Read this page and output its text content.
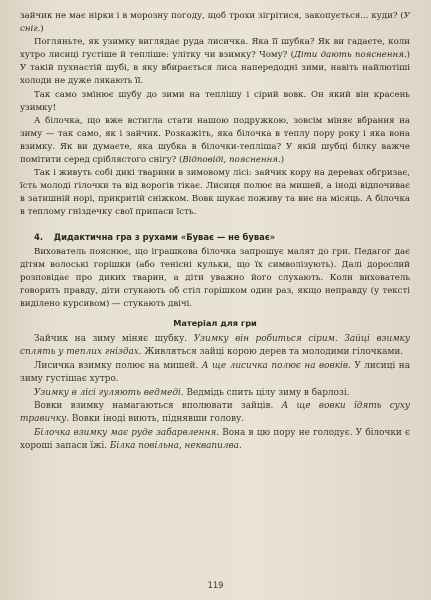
зайчик не має нірки і в морозну погоду, щоб трохи зігрітися, закопується... куди? (У сніг.)

Погляньте, як узимку виглядає руда лисичка. Яка її шубка? Як ви гадаєте, коли хутро лисиці густіше й тепліше: улітку чи взимку? Чому? (Діти дають пояснення.) У такій пухнастій шубі, в яку вбирається лиса напередодні зими, навіть найлютіші холоди не дуже лякають її.

Так само змінює шубу до зими на теплішу і сірий вовк. Он який він красень узимку!

А білочка, що вже встигла стати нашою подружкою, зовсім міняє вбрання на зиму — так само, як і зайчик. Розкажіть, яка білочка в теплу пору року і яка вона взимку. Як ви думаєте, яка шубка в білочки-тепліша? У якій шубці білку важче помітити серед сріблястого снігу? (Відповіді, пояснення.)

Так і живуть собі дикі тварини в зимовому лісі: зайчик кору на деревах обгризає, їсть молоді гілочки та від ворогів тікає. Лисиця полює на мишей, а іноді відпочиває в затишній норі, прикритій сніжком. Вовк шукає поживу та виє на місяць. А білочка в теплому гніздечку свої припаси їсть.

4. Дидактична гра з рухами «Буває — не буває»

Вихователь пояснює, що іграшкова білочка запрошує малят до гри. Педагог дає дітям волоські горішки (або тенісні кульки, що їх символізують). Далі дорослий розповідає про диких тварин, а діти уважно його слухають. Коли вихователь говорить правду, діти стукають об стіл горішком один раз, якщо неправду (у тексті виділено курсивом) — стукають двічі.

Матеріал для гри

Зайчик на зиму міняє шубку. Узимку він робиться сірим. Зайці взимку сплять у теплих гніздах. Живляться зайці корою дерев та молодими гілочками.

Лисичка взимку полює на мишей. А ще лисичка полює на вовків. У лисиці на зиму густішає хутро.

Узимку в лісі гуляють ведмеді. Ведмідь спить цілу зиму в барлозі.

Вовки взимку намагаються вполювати зайців. А ще вовки їдять суху травичку. Вовки іноді виють, піднявши голову.

Білочка взимку має руде забарвлення. Вона в цю пору не голодує. У білочки є хороші запаси їжі. Білка повільна, неквапилва.

119
